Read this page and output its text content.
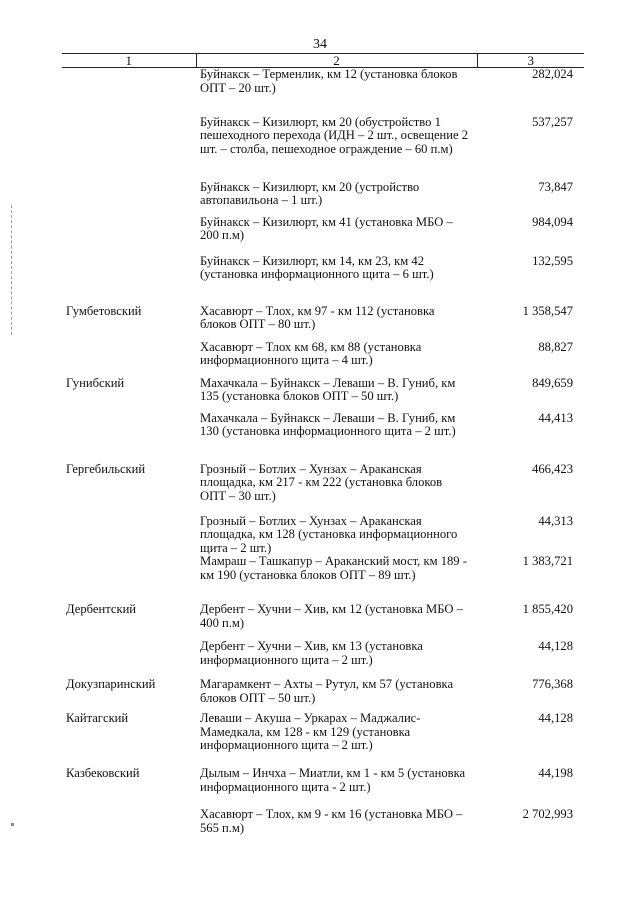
34
1	2	3
	Буйнакск – Терменлик, км 12 (установка блоков ОПТ – 20 шт.)	282,024
	Буйнакск – Кизилюрт, км 20 (обустройство 1 пешеходного перехода (ИДН – 2 шт., освещение 2 шт. – столба, пешеходное ограждение – 60 п.м)	537,257
	Буйнакск – Кизилюрт, км 20 (устройство автопавильона – 1 шт.)	73,847
	Буйнакск – Кизилюрт, км 41 (установка МБО – 200 п.м)	984,094
	Буйнакск – Кизилюрт, км 14, км 23, км 42 (установка информационного щита – 6 шт.)	132,595
Гумбетовский	Хасавюрт – Тлох, км 97 - км 112 (установка блоков ОПТ – 80 шт.)	1 358,547
	Хасавюрт – Тлох км 68, км 88 (установка информационного щита – 4 шт.)	88,827
Гунибский	Махачкала – Буйнакск – Леваши – В. Гуниб, км 135 (установка блоков ОПТ – 50 шт.)	849,659
	Махачкала – Буйнакск – Леваши – В. Гуниб, км 130 (установка информационного щита – 2 шт.)	44,413
Гергебильский	Грозный – Ботлих – Хунзах – Араканская площадка, км 217 - км 222 (установка блоков ОПТ – 30 шт.)	466,423
	Грозный – Ботлих – Хунзах – Араканская площадка, км 128 (установка информационного щита – 2 шт.)	44,313
	Мамраш – Ташкапур – Араканский мост, км 189 - км 190 (установка блоков ОПТ – 89 шт.)	1 383,721
Дербентский	Дербент – Хучни – Хив, км 12 (установка МБО – 400 п.м)	1 855,420
	Дербент – Хучни – Хив, км 13 (установка информационного щита – 2 шт.)	44,128
Докузпаринский	Магарамкент – Ахты – Рутул, км 57 (установка блоков ОПТ – 50 шт.)	776,368
Кайтагский	Леваши – Акуша – Уркарах – Маджалис-Мамедкала, км 128 - км 129 (установка информационного щита – 2 шт.)	44,128
Казбековский	Дылым – Инчха – Миатли, км 1 - км 5 (установка информационного щита - 2 шт.)	44,198
	Хасавюрт – Тлох, км 9 - км 16 (установка МБО – 565 п.м)	2 702,993
